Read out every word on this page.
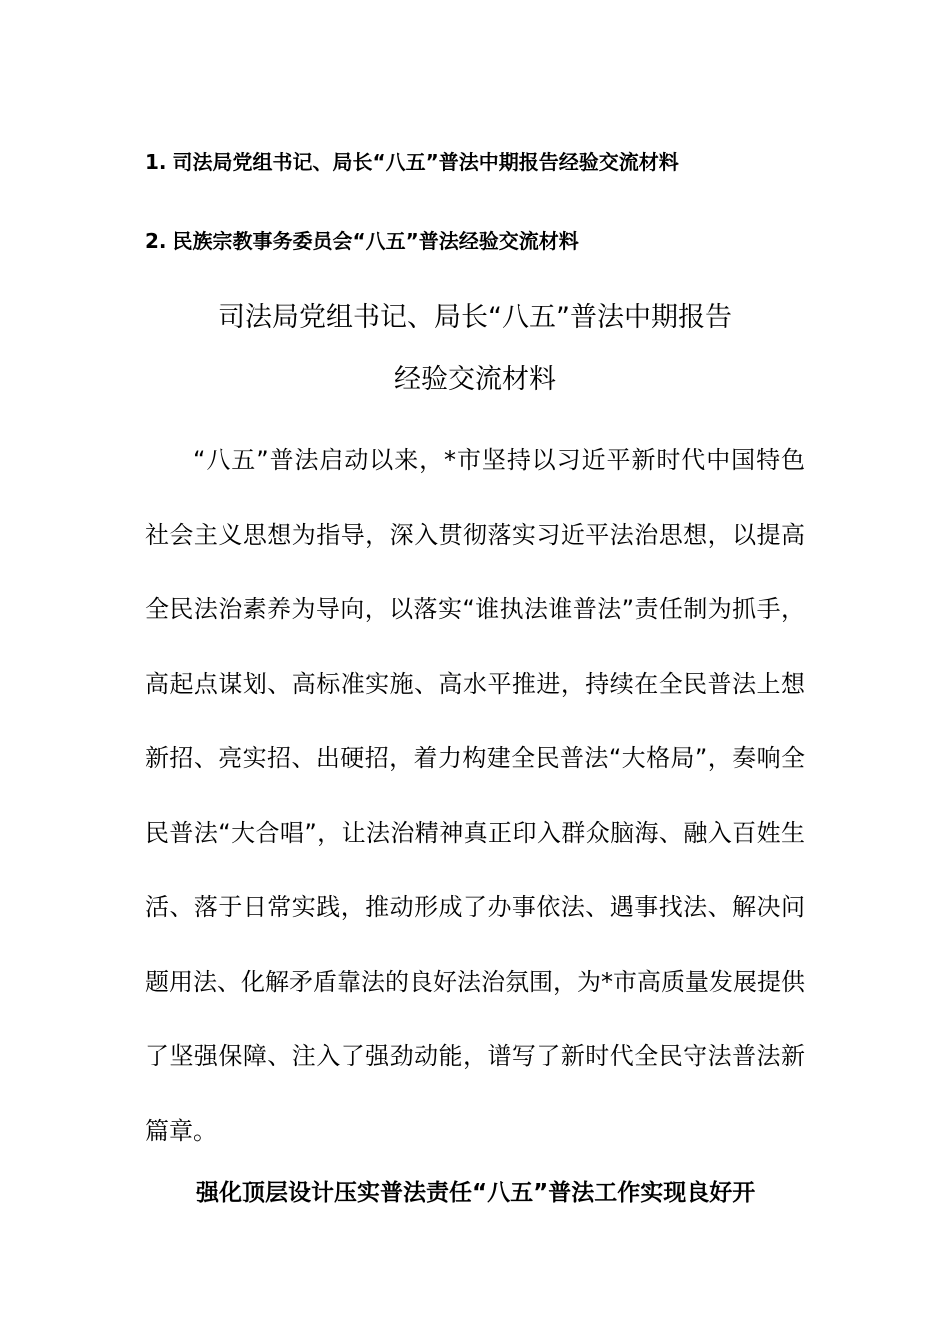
1. 司法局党组书记、局长“八五”普法中期报告经验交流材料
2. 民族宗教事务委员会“八五”普法经验交流材料
司法局党组书记、局长“八五”普法中期报告
经验交流材料

“八五”普法启动以来，*市坚持以习近平新时代中国特色社会主义思想为指导，深入贯彻落实习近平法治思想，以提高全民法治素养为导向，以落实“谁执法谁普法”责任制为抓手，高起点谋划、高标准实施、高水平推进，持续在全民普法上想新招、亮实招、出硬招，着力构建全民普法“大格局”，奏响全民普法“大合唱”，让法治精神真正印入群众脑海、融入百姓生活、落于日常实践，推动形成了办事依法、遇事找法、解决问题用法、化解矛盾靠法的良好法治氛围，为*市高质量发展提供了坚强保障、注入了强劲动能，谱写了新时代全民守法普法新篇章。

强化顶层设计压实普法责任“八五”普法工作实现良好开
